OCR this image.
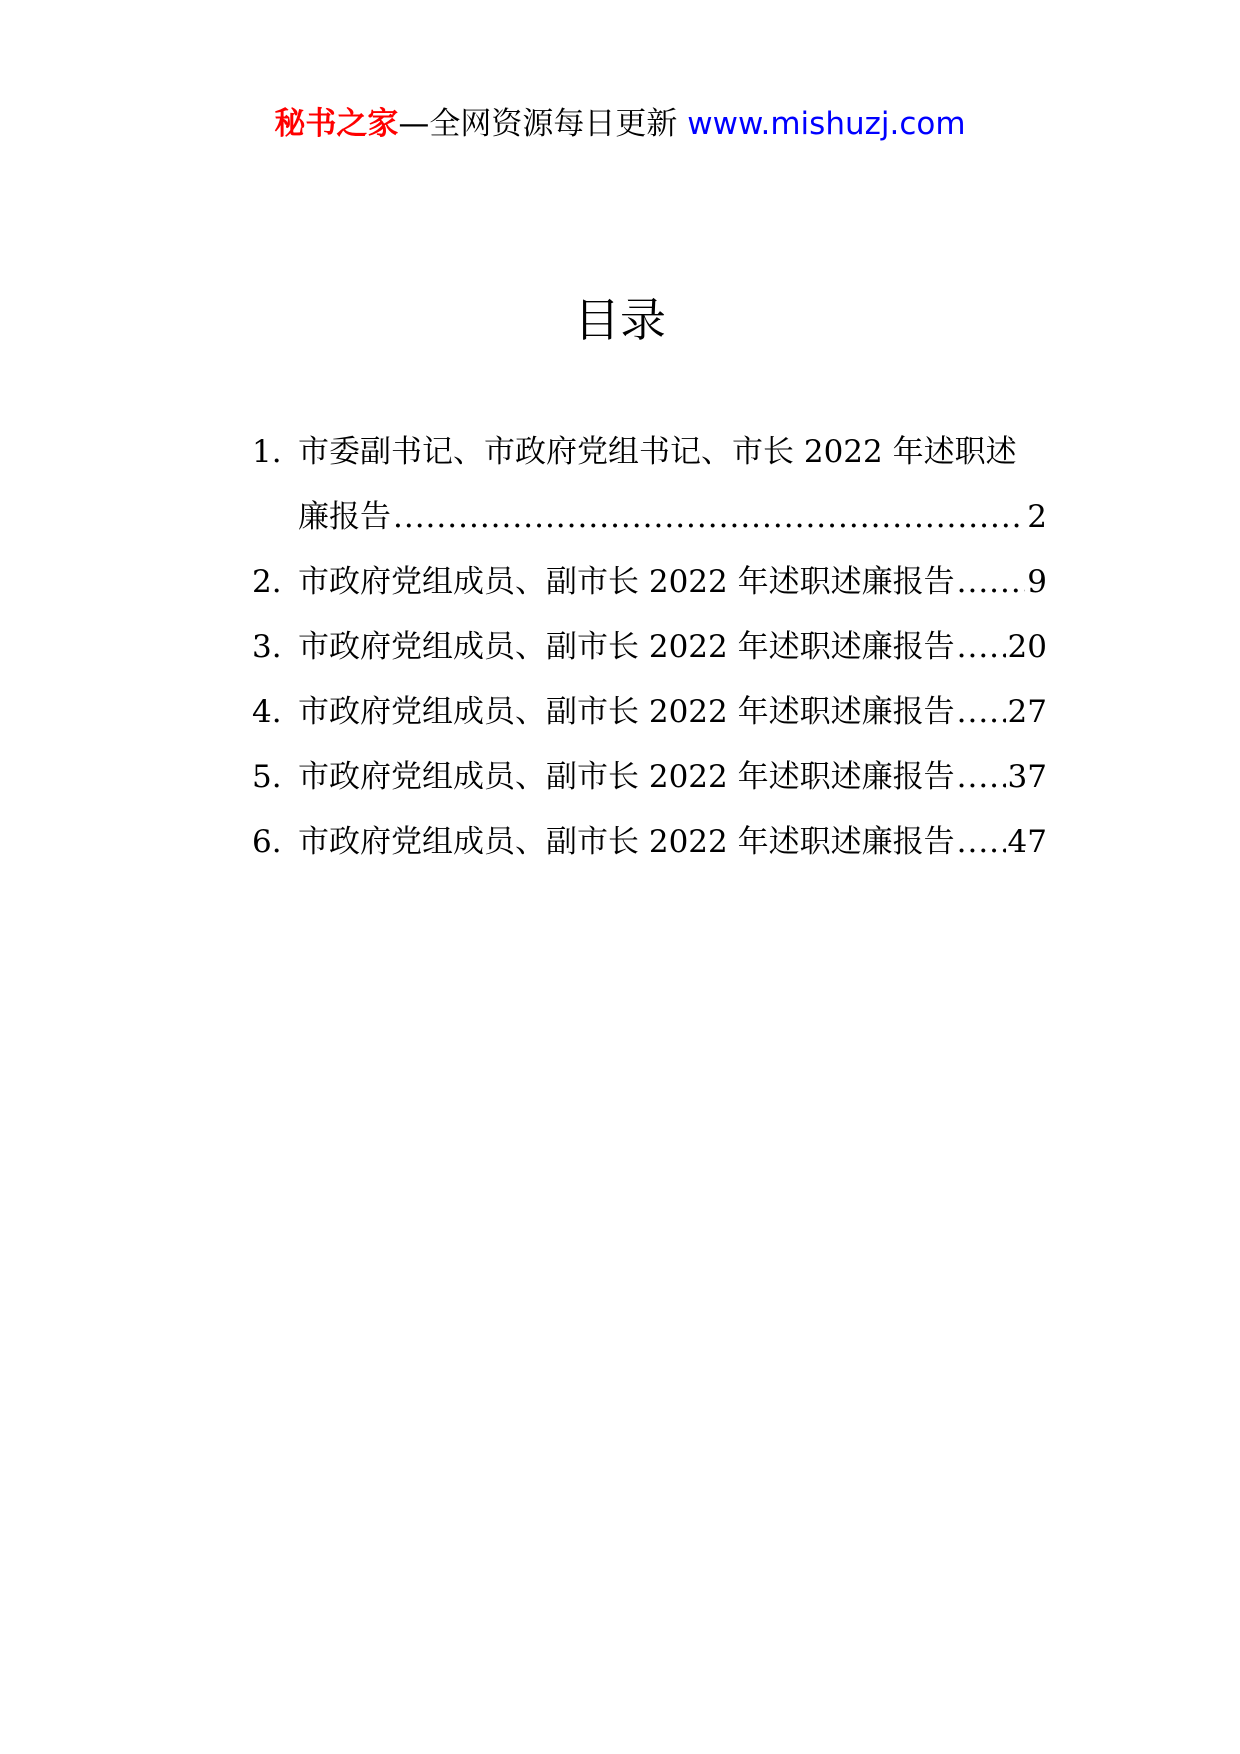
秘书之家—全网资源每日更新 www.mishuzj.com
目录
1. 市委副书记、市政府党组书记、市长 2022 年述职述
廉报告 .....	2
2. 市政府党组成员、副市长 2022 年述职述廉报告 ..... 9
3. 市政府党组成员、副市长 2022 年述职述廉报告 ..... 20
4. 市政府党组成员、副市长 2022 年述职述廉报告 ..... 27
5. 市政府党组成员、副市长 2022 年述职述廉报告 ..... 37
6. 市政府党组成员、副市长 2022 年述职述廉报告 ..... 47
